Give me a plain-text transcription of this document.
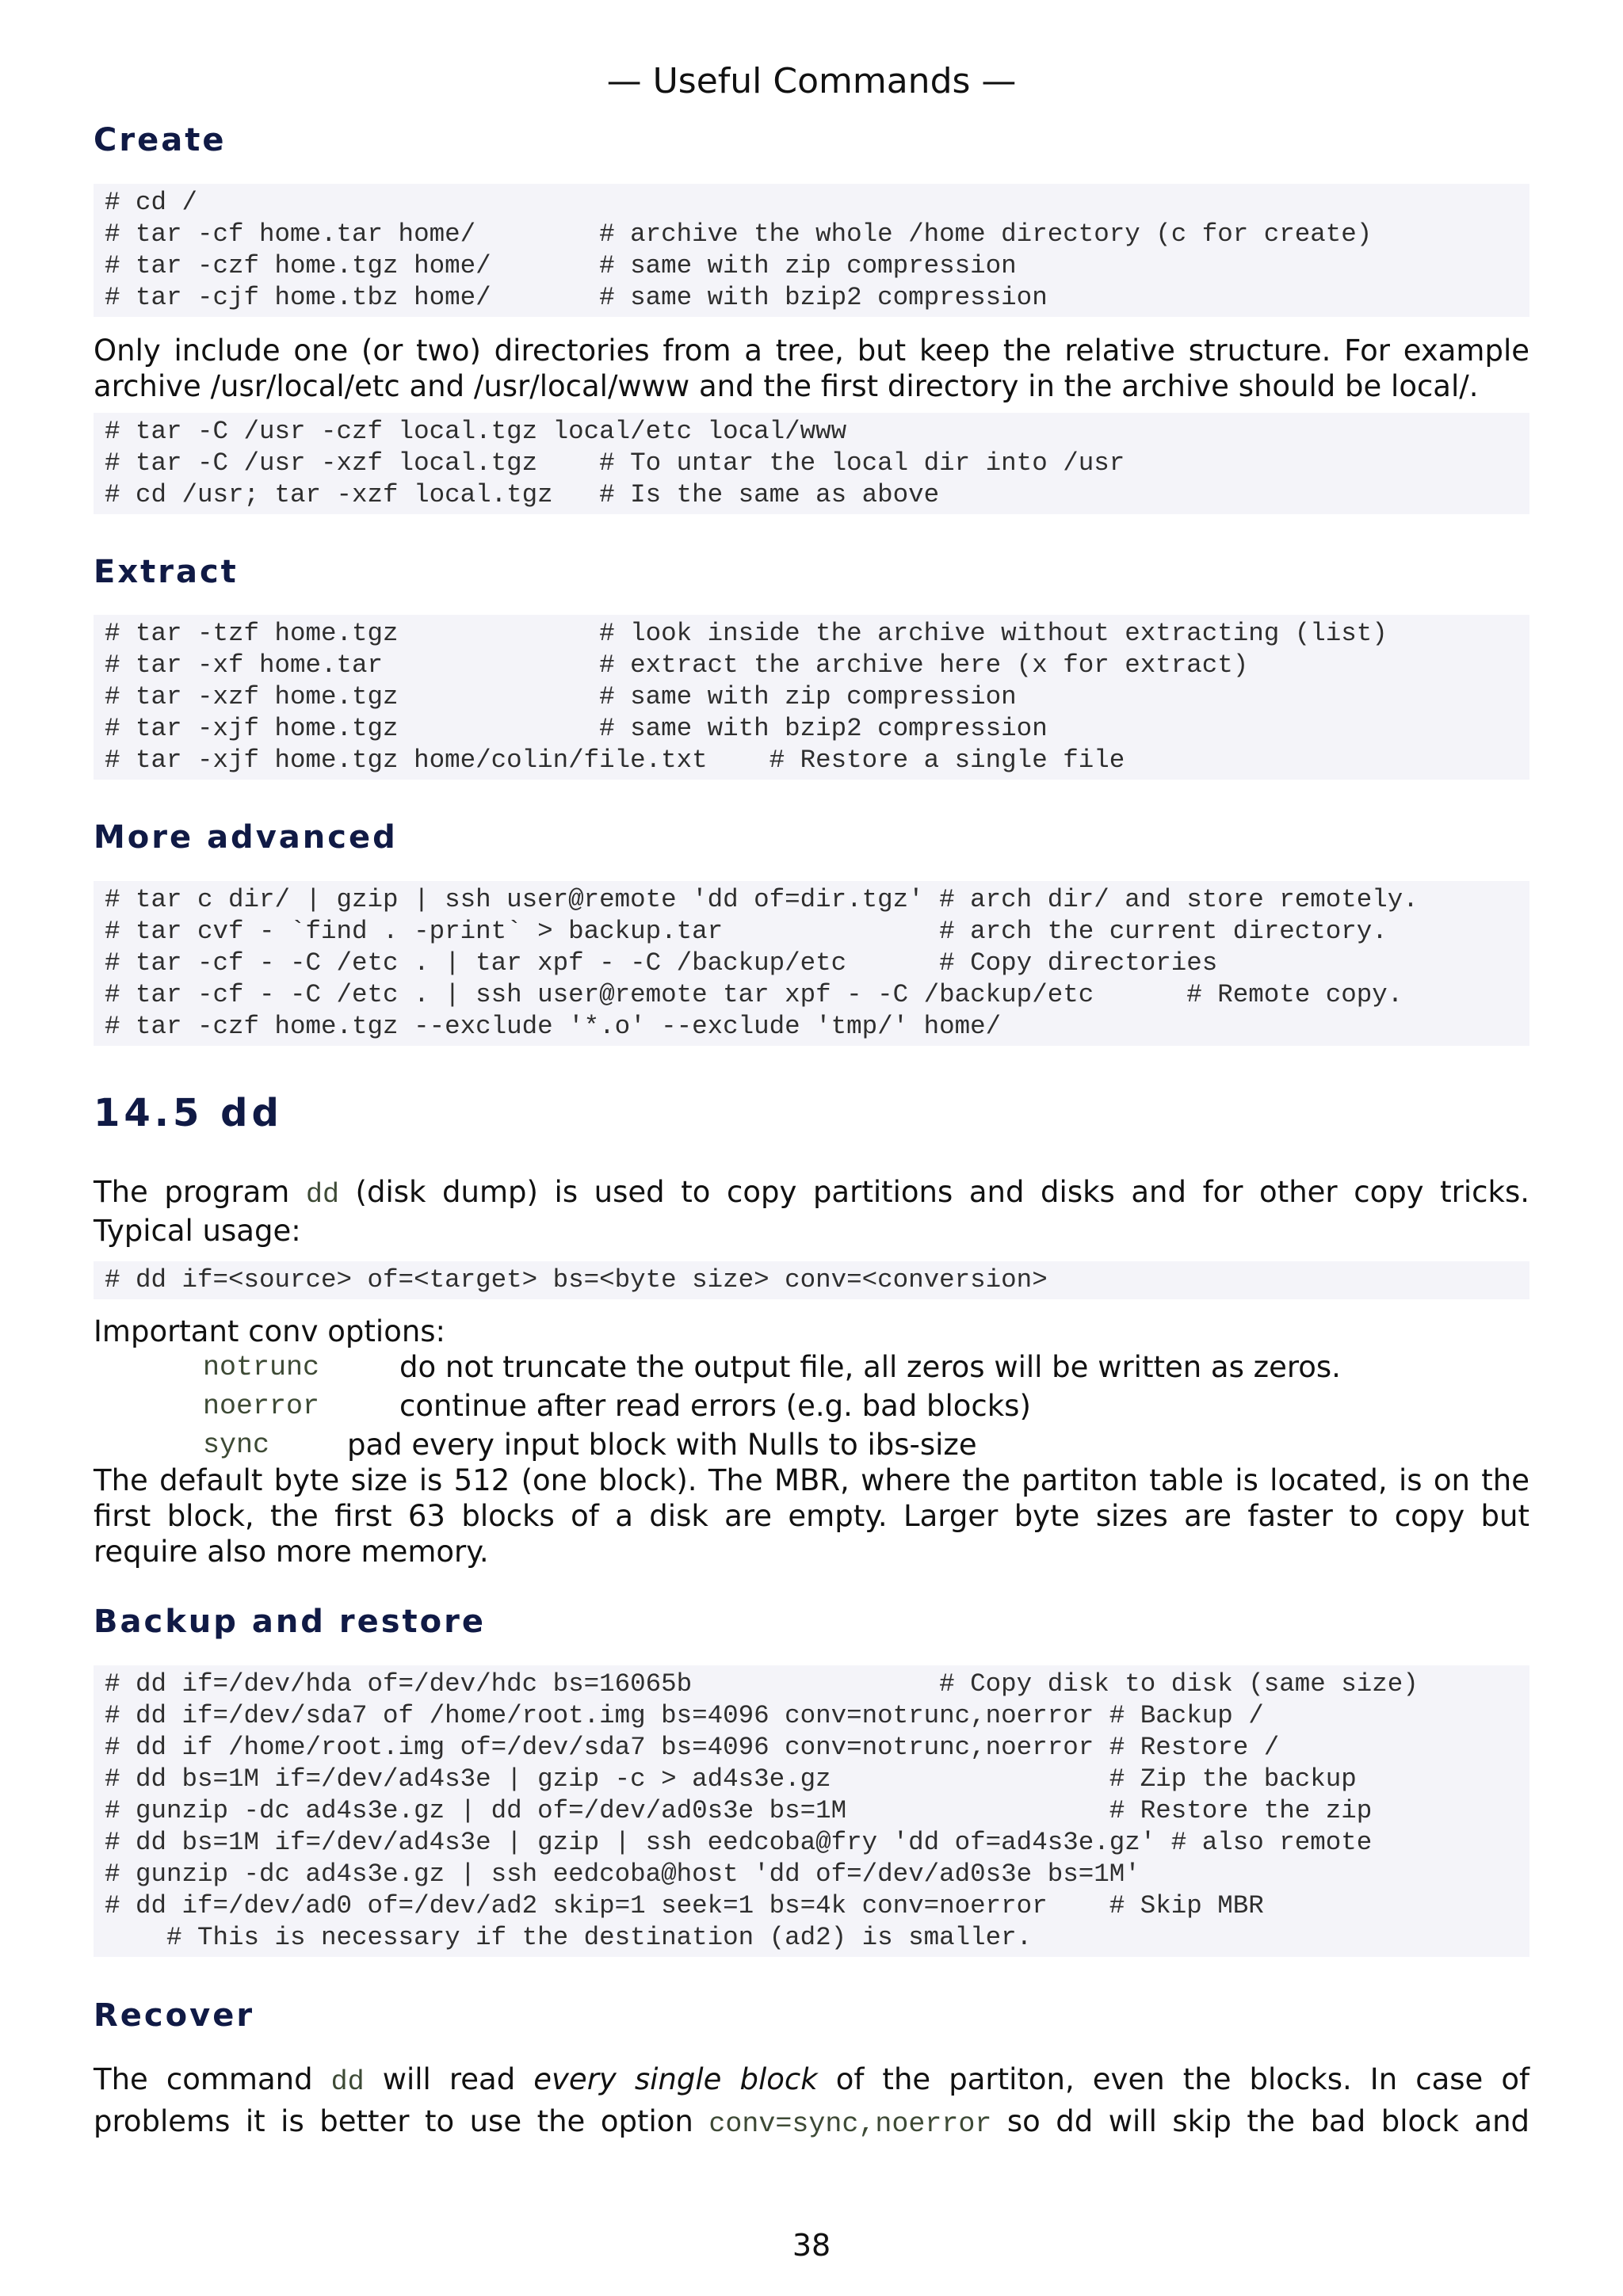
— Useful Commands —
Create
# cd /
# tar -cf home.tar home/        # archive the whole /home directory (c for create)
# tar -czf home.tgz home/       # same with zip compression
# tar -cjf home.tbz home/       # same with bzip2 compression
Only include one (or two) directories from a tree, but keep the relative structure. For example
archive /usr/local/etc and /usr/local/www and the first directory in the archive should be local/.
# tar -C /usr -czf local.tgz local/etc local/www
# tar -C /usr -xzf local.tgz    # To untar the local dir into /usr
# cd /usr; tar -xzf local.tgz   # Is the same as above
Extract
# tar -tzf home.tgz             # look inside the archive without extracting (list)
# tar -xf home.tar              # extract the archive here (x for extract)
# tar -xzf home.tgz             # same with zip compression
# tar -xjf home.tgz             # same with bzip2 compression
# tar -xjf home.tgz home/colin/file.txt    # Restore a single file
More advanced
# tar c dir/ | gzip | ssh user@remote 'dd of=dir.tgz' # arch dir/ and store remotely.
# tar cvf - `find . -print` > backup.tar              # arch the current directory.
# tar -cf - -C /etc . | tar xpf - -C /backup/etc      # Copy directories
# tar -cf - -C /etc . | ssh user@remote tar xpf - -C /backup/etc      # Remote copy.
# tar -czf home.tgz --exclude '*.o' --exclude 'tmp/' home/
14.5 dd
The program dd (disk dump) is used to copy partitions and disks and for other copy tricks.
Typical usage:
# dd if=<source> of=<target> bs=<byte size> conv=<conversion>
Important conv options:
notrunc	do not truncate the output file, all zeros will be written as zeros.
noerror	continue after read errors (e.g. bad blocks)
sync	pad every input block with Nulls to ibs-size
The default byte size is 512 (one block). The MBR, where the partiton table is located, is on the
first block, the first 63 blocks of a disk are empty. Larger byte sizes are faster to copy but
require also more memory.
Backup and restore
# dd if=/dev/hda of=/dev/hdc bs=16065b                # Copy disk to disk (same size)
# dd if=/dev/sda7 of /home/root.img bs=4096 conv=notrunc,noerror # Backup /
# dd if /home/root.img of=/dev/sda7 bs=4096 conv=notrunc,noerror # Restore /
# dd bs=1M if=/dev/ad4s3e | gzip -c > ad4s3e.gz                  # Zip the backup
# gunzip -dc ad4s3e.gz | dd of=/dev/ad0s3e bs=1M                 # Restore the zip
# dd bs=1M if=/dev/ad4s3e | gzip | ssh eedcoba@fry 'dd of=ad4s3e.gz' # also remote
# gunzip -dc ad4s3e.gz | ssh eedcoba@host 'dd of=/dev/ad0s3e bs=1M'
# dd if=/dev/ad0 of=/dev/ad2 skip=1 seek=1 bs=4k conv=noerror    # Skip MBR
# This is necessary if the destination (ad2) is smaller.
Recover
The command dd will read every single block of the partiton, even the blocks. In case of
problems it is better to use the option conv=sync,noerror so dd will skip the bad block and
38
